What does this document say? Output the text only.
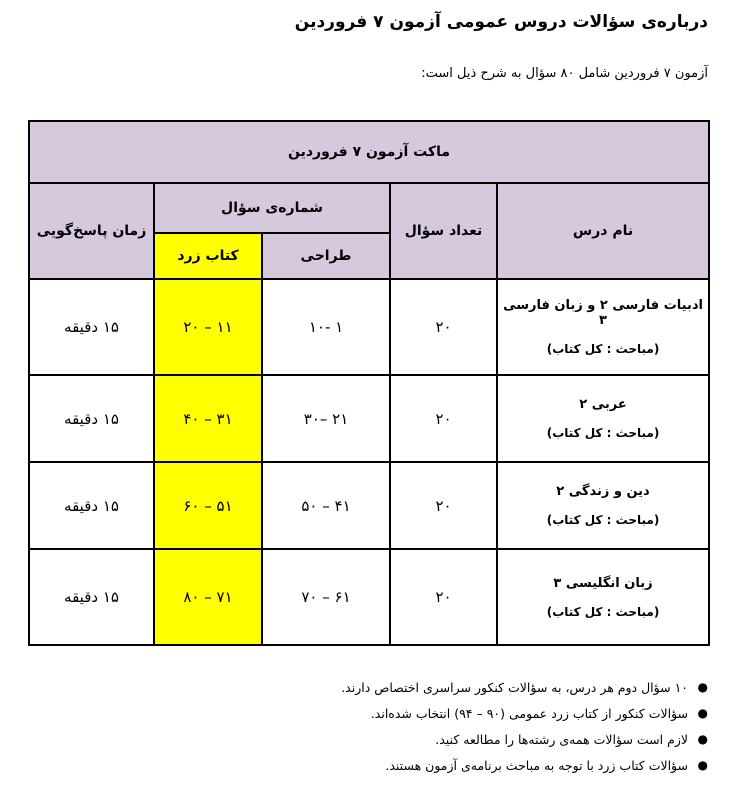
درباره‌ی سؤالات دروس عمومی آزمون ۷ فروردین
آزمون ۷ فروردین شامل ۸۰ سؤال به شرح ذیل است:
ماکت آزمون ۷ فروردین				
نام درس	تعداد سؤال	شماره‌ی سؤال		زمان پاسخ‌گویی
		طراحی	کتاب زرد	

ادبیات فارسی ۲ و زبان فارسی ۳
(مباحث : کل کتاب)	۲۰	۱ -۱۰	۱۱ – ۲۰	۱۵ دقیقه

عربی ۲
(مباحث : کل کتاب)	۲۰	۲۱ –۳۰	۳۱ – ۴۰	۱۵ دقیقه

دین و زندگی ۲
(مباحث : کل کتاب)	۲۰	۴۱ – ۵۰	۵۱ – ۶۰	۱۵ دقیقه

زبان انگلیسی ۳
(مباحث : کل کتاب)	۲۰	۶۱ – ۷۰	۷۱ – ۸۰	۱۵ دقیقه
●
۱۰ سؤال دوم هر درس، به سؤالات کنکور سراسری اختصاص دارند.
●
سؤالات کنکور از کتاب زرد عمومی (۹۰ – ۹۴) انتخاب شده‌اند.
●
لازم است سؤالات همه‌ی رشته‌ها را مطالعه کنید.
●
سؤالات کتاب زرد با توجه به مباحث برنامه‌ی آزمون هستند.
